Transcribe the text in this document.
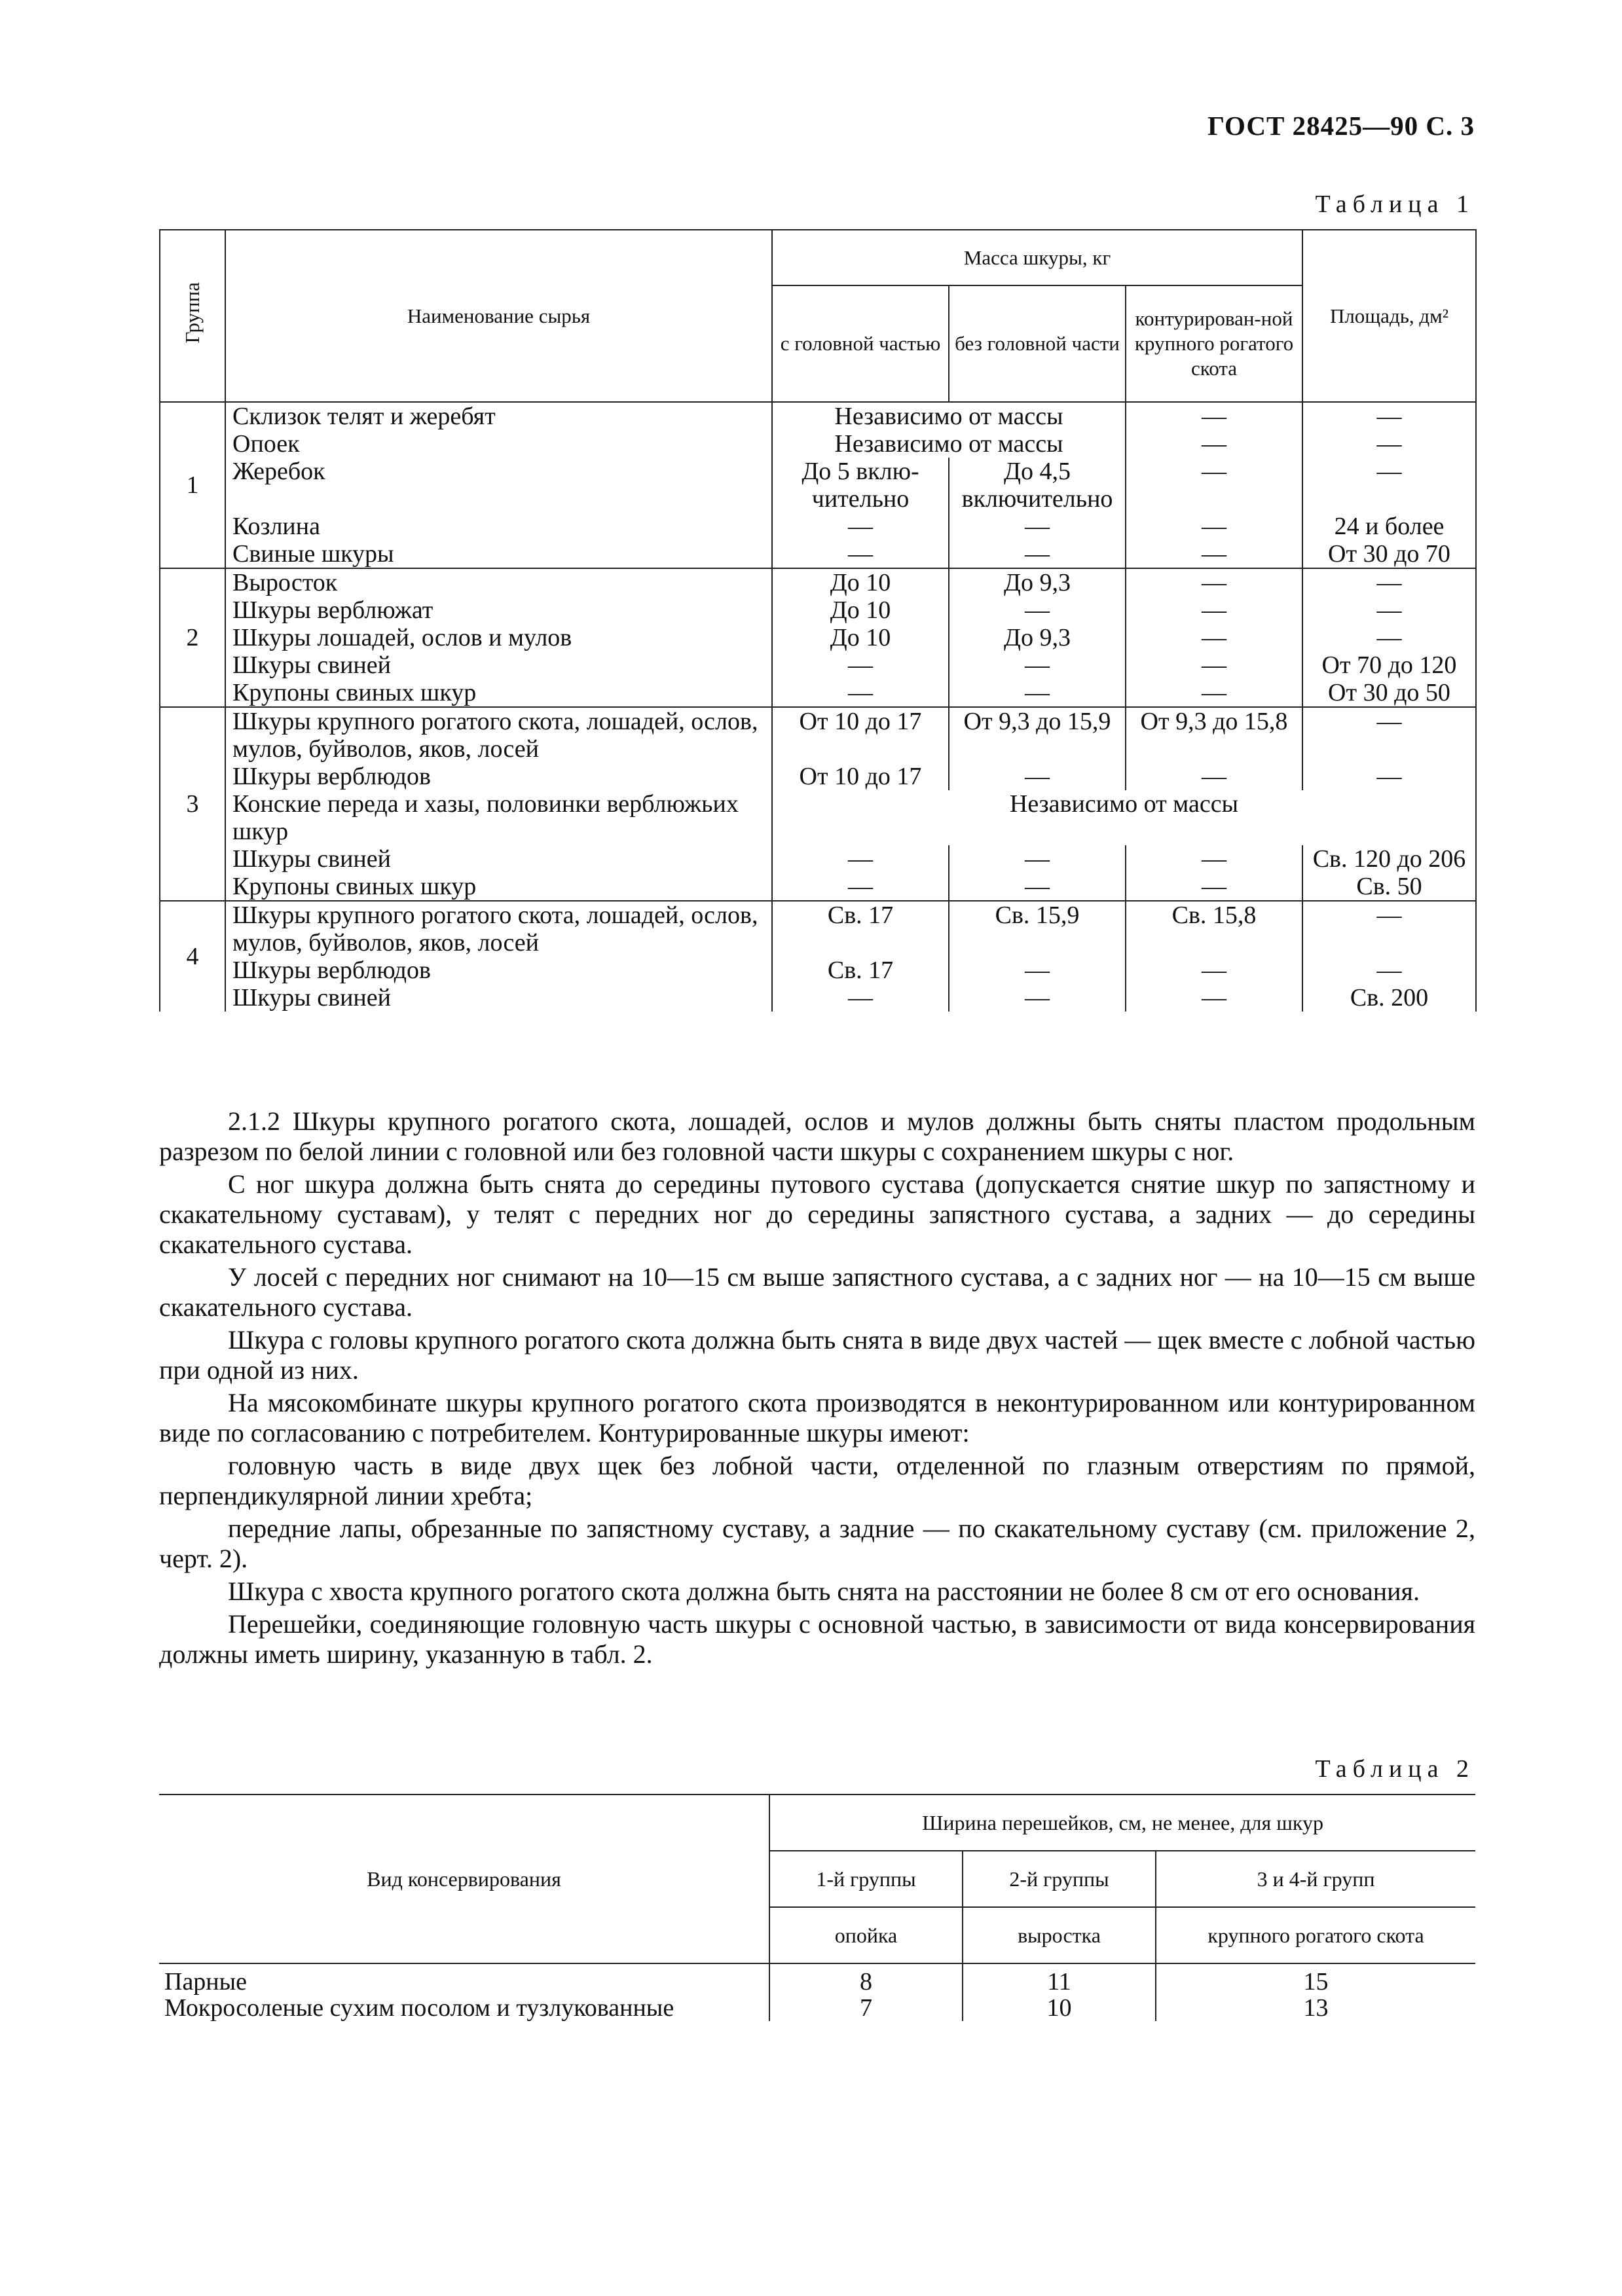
ГОСТ 28425—90 С. 3
Таблица 1
Группа	Наименование сырья	Масса шкуры, кг			Площадь, дм²
		с головной частью	без головной части	контурирован-ной крупного рогатого скота	
1	Склизок телят и жеребят	Независимо от массы		—	—
	Опоек	Независимо от массы		—	—
	Жеребок	До 5 вклю-чительно	До 4,5 включительно	—	—
	Козлина	—	—	—	24 и более
	Свиные шкуры	—	—	—	От 30 до 70
2	Выросток	До 10	До 9,3	—	—
	Шкуры верблюжат	До 10	—	—	—
	Шкуры лошадей, ослов и мулов	До 10	До 9,3	—	—
	Шкуры свиней	—	—	—	От 70 до 120
	Крупоны свиных шкур	—	—	—	От 30 до 50
3	Шкуры крупного рогатого скота, лошадей, ослов, мулов, буйволов, яков, лосей	От 10 до 17	От 9,3 до 15,9	От 9,3 до 15,8	—
	Шкуры верблюдов	От 10 до 17	—	—	—
	Конские переда и хазы, половинки верблюжьих шкур	Независимо от массы			
	Шкуры свиней	—	—	—	Св. 120 до 206
	Крупоны свиных шкур	—	—	—	Св. 50
4	Шкуры крупного рогатого скота, лошадей, ослов, мулов, буйволов, яков, лосей	Св. 17	Св. 15,9	Св. 15,8	—
	Шкуры верблюдов	Св. 17	—	—	—
	Шкуры свиней	—	—	—	Св. 200

2.1.2 Шкуры крупного рогатого скота, лошадей, ослов и мулов должны быть сняты пластом продольным разрезом по белой линии с головной или без головной части шкуры с сохранением шкуры с ног.

С ног шкура должна быть снята до середины путового сустава (допускается снятие шкур по запястному и скакательному суставам), у телят с передних ног до середины запястного сустава, а задних — до середины скакательного сустава.

У лосей с передних ног снимают на 10—15 см выше запястного сустава, а с задних ног — на 10—15 см выше скакательного сустава.

Шкура с головы крупного рогатого скота должна быть снята в виде двух частей — щек вместе с лобной частью при одной из них.

На мясокомбинате шкуры крупного рогатого скота производятся в неконтурированном или контурированном виде по согласованию с потребителем. Контурированные шкуры имеют:

головную часть в виде двух щек без лобной части, отделенной по глазным отверстиям по прямой, перпендикулярной линии хребта;

передние лапы, обрезанные по запястному суставу, а задние — по скакательному суставу (см. приложение 2, черт. 2).

Шкура с хвоста крупного рогатого скота должна быть снята на расстоянии не более 8 см от его основания.

Перешейки, соединяющие головную часть шкуры с основной частью, в зависимости от вида консервирования должны иметь ширину, указанную в табл. 2.

Таблица 2
Вид консервирования	Ширина перешейков, см, не менее, для шкур		
	1-й группы	2-й группы	3 и 4-й групп
	опойка	выростка	крупного рогатого скота
Парные	8	11	15
Мокросоленые сухим посолом и тузлукованные	7	10	13
